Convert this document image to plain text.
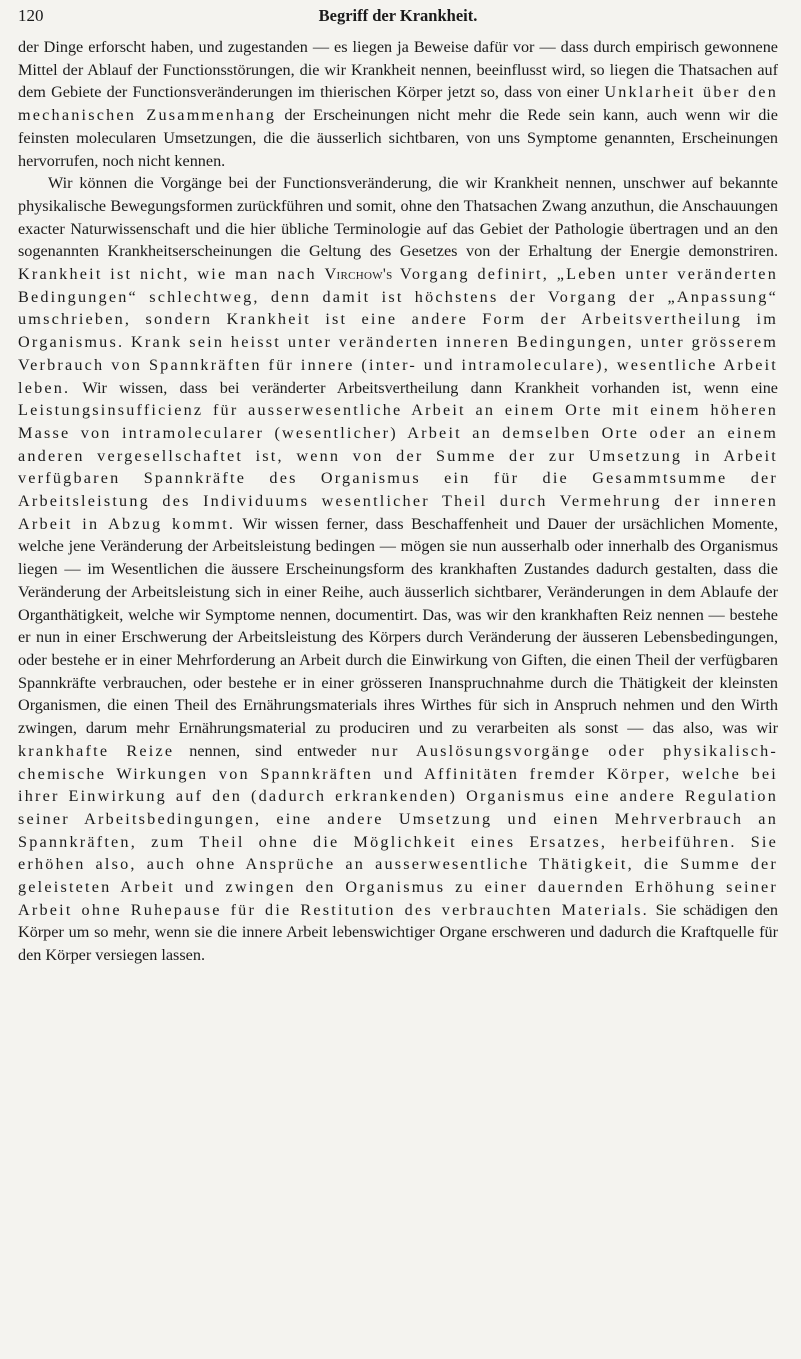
120	Begriff der Krankheit.

der Dinge erforscht haben, und zugestanden — es liegen ja Beweise dafür vor — dass durch empirisch gewonnene Mittel der Ablauf der Functionsstörungen, die wir Krankheit nennen, beeinflusst wird, so liegen die Thatsachen auf dem Gebiete der Functionsveränderungen im thierischen Körper jetzt so, dass von einer Unklarheit über den mechanischen Zusammenhang der Erscheinungen nicht mehr die Rede sein kann, auch wenn wir die feinsten molecularen Umsetzungen, die die äusserlich sichtbaren, von uns Symptome genannten, Erscheinungen hervorrufen, noch nicht kennen.

Wir können die Vorgänge bei der Functionsveränderung, die wir Krankheit nennen, unschwer auf bekannte physikalische Bewegungsformen zurückführen und somit, ohne den Thatsachen Zwang anzuthun, die Anschauungen exacter Naturwissenschaft und die hier übliche Terminologie auf das Gebiet der Pathologie übertragen und an den sogenannten Krankheitserscheinungen die Geltung des Gesetzes von der Erhaltung der Energie demonstriren. Krankheit ist nicht, wie man nach Virchow's Vorgang definirt, „Leben unter veränderten Bedingungen“ schlechtweg, denn damit ist höchstens der Vorgang der „Anpassung“ umschrieben, sondern Krankheit ist eine andere Form der Arbeitsvertheilung im Organismus. Krank sein heisst unter veränderten inneren Bedingungen, unter grösserem Verbrauch von Spannkräften für innere (inter- und intramoleculare), wesentliche Arbeit leben. Wir wissen, dass bei veränderter Arbeitsvertheilung dann Krankheit vorhanden ist, wenn eine Leistungsinsufficienz für ausserwesentliche Arbeit an einem Orte mit einem höheren Masse von intramolecularer (wesentlicher) Arbeit an demselben Orte oder an einem anderen vergesellschaftet ist, wenn von der Summe der zur Umsetzung in Arbeit verfügbaren Spannkräfte des Organismus ein für die Gesammtsumme der Arbeitsleistung des Individuums wesentlicher Theil durch Vermehrung der inneren Arbeit in Abzug kommt. Wir wissen ferner, dass Beschaffenheit und Dauer der ursächlichen Momente, welche jene Veränderung der Arbeitsleistung bedingen — mögen sie nun ausserhalb oder innerhalb des Organismus liegen — im Wesentlichen die äussere Erscheinungsform des krankhaften Zustandes dadurch gestalten, dass die Veränderung der Arbeitsleistung sich in einer Reihe, auch äusserlich sichtbarer, Veränderungen in dem Ablaufe der Organthätigkeit, welche wir Symptome nennen, documentirt. Das, was wir den krankhaften Reiz nennen — bestehe er nun in einer Erschwerung der Arbeitsleistung des Körpers durch Veränderung der äusseren Lebensbedingungen, oder bestehe er in einer Mehrforderung an Arbeit durch die Einwirkung von Giften, die einen Theil der verfügbaren Spannkräfte verbrauchen, oder bestehe er in einer grösseren Inanspruchnahme durch die Thätigkeit der kleinsten Organismen, die einen Theil des Ernährungsmaterials ihres Wirthes für sich in Anspruch nehmen und den Wirth zwingen, darum mehr Ernährungsmaterial zu produciren und zu verarbeiten als sonst — das also, was wir krankhafte Reize nennen, sind entweder nur Auslösungsvorgänge oder physikalisch-chemische Wirkungen von Spannkräften und Affinitäten fremder Körper, welche bei ihrer Einwirkung auf den (dadurch erkrankenden) Organismus eine andere Regulation seiner Arbeitsbedingungen, eine andere Umsetzung und einen Mehrverbrauch an Spannkräften, zum Theil ohne die Möglichkeit eines Ersatzes, herbeiführen. Sie erhöhen also, auch ohne Ansprüche an ausserwesentliche Thätigkeit, die Summe der geleisteten Arbeit und zwingen den Organismus zu einer dauernden Erhöhung seiner Arbeit ohne Ruhepause für die Restitution des verbrauchten Materials. Sie schädigen den Körper um so mehr, wenn sie die innere Arbeit lebenswichtiger Organe erschweren und dadurch die Kraftquelle für den Körper versiegen lassen.
